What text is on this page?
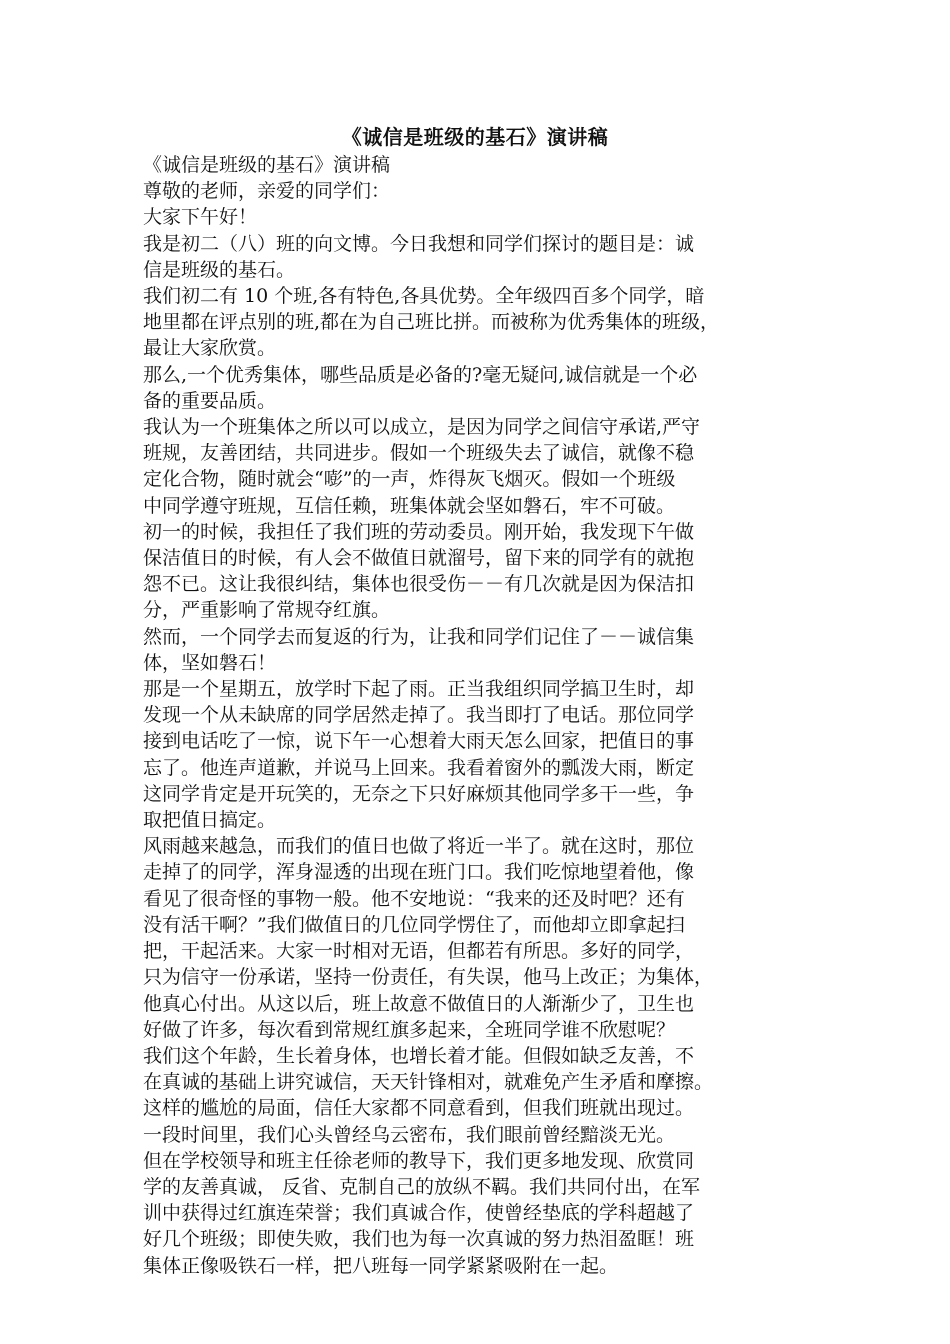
《诚信是班级的基石》演讲稿
《诚信是班级的基石》演讲稿
尊敬的老师，亲爱的同学们：
大家下午好！
我是初二（八）班的向文博。今日我想和同学们探讨的题目是：诚
信是班级的基石。
我们初二有 10 个班,各有特色,各具优势。全年级四百多个同学，暗
地里都在评点别的班,都在为自己班比拼。而被称为优秀集体的班级，
最让大家欣赏。
那么,一个优秀集体，哪些品质是必备的?毫无疑问,诚信就是一个必
备的重要品质。
我认为一个班集体之所以可以成立，是因为同学之间信守承诺,严守
班规，友善团结，共同进步。假如一个班级失去了诚信，就像不稳
定化合物，随时就会“嘭”的一声，炸得灰飞烟灭。假如一个班级
中同学遵守班规，互信任赖，班集体就会坚如磐石，牢不可破。
初一的时候，我担任了我们班的劳动委员。刚开始，我发现下午做
保洁值日的时候，有人会不做值日就溜号，留下来的同学有的就抱
怨不已。这让我很纠结，集体也很受伤－－有几次就是因为保洁扣
分，严重影响了常规夺红旗。
然而，一个同学去而复返的行为，让我和同学们记住了－－诚信集
体，坚如磐石！
那是一个星期五，放学时下起了雨。正当我组织同学搞卫生时，却
发现一个从未缺席的同学居然走掉了。我当即打了电话。那位同学
接到电话吃了一惊，说下午一心想着大雨天怎么回家，把值日的事
忘了。他连声道歉，并说马上回来。我看着窗外的瓢泼大雨，断定
这同学肯定是开玩笑的，无奈之下只好麻烦其他同学多干一些，争
取把值日搞定。
风雨越来越急，而我们的值日也做了将近一半了。就在这时，那位
走掉了的同学，浑身湿透的出现在班门口。我们吃惊地望着他，像
看见了很奇怪的事物一般。他不安地说：“我来的还及时吧？还有
没有活干啊？”我们做值日的几位同学愣住了，而他却立即拿起扫
把，干起活来。大家一时相对无语，但都若有所思。多好的同学，
只为信守一份承诺，坚持一份责任，有失误，他马上改正；为集体，
他真心付出。从这以后，班上故意不做值日的人渐渐少了，卫生也
好做了许多，每次看到常规红旗多起来，全班同学谁不欣慰呢？
我们这个年龄，生长着身体，也增长着才能。但假如缺乏友善，不
在真诚的基础上讲究诚信，天天针锋相对，就难免产生矛盾和摩擦。
这样的尴尬的局面，信任大家都不同意看到，但我们班就出现过。
一段时间里，我们心头曾经乌云密布，我们眼前曾经黯淡无光。
但在学校领导和班主任徐老师的教导下，我们更多地发现、欣赏同
学的友善真诚， 反省、克制自己的放纵不羁。我们共同付出，在军
训中获得过红旗连荣誉；我们真诚合作，使曾经垫底的学科超越了
好几个班级；即使失败，我们也为每一次真诚的努力热泪盈眶！班
集体正像吸铁石一样，把八班每一同学紧紧吸附在一起。
